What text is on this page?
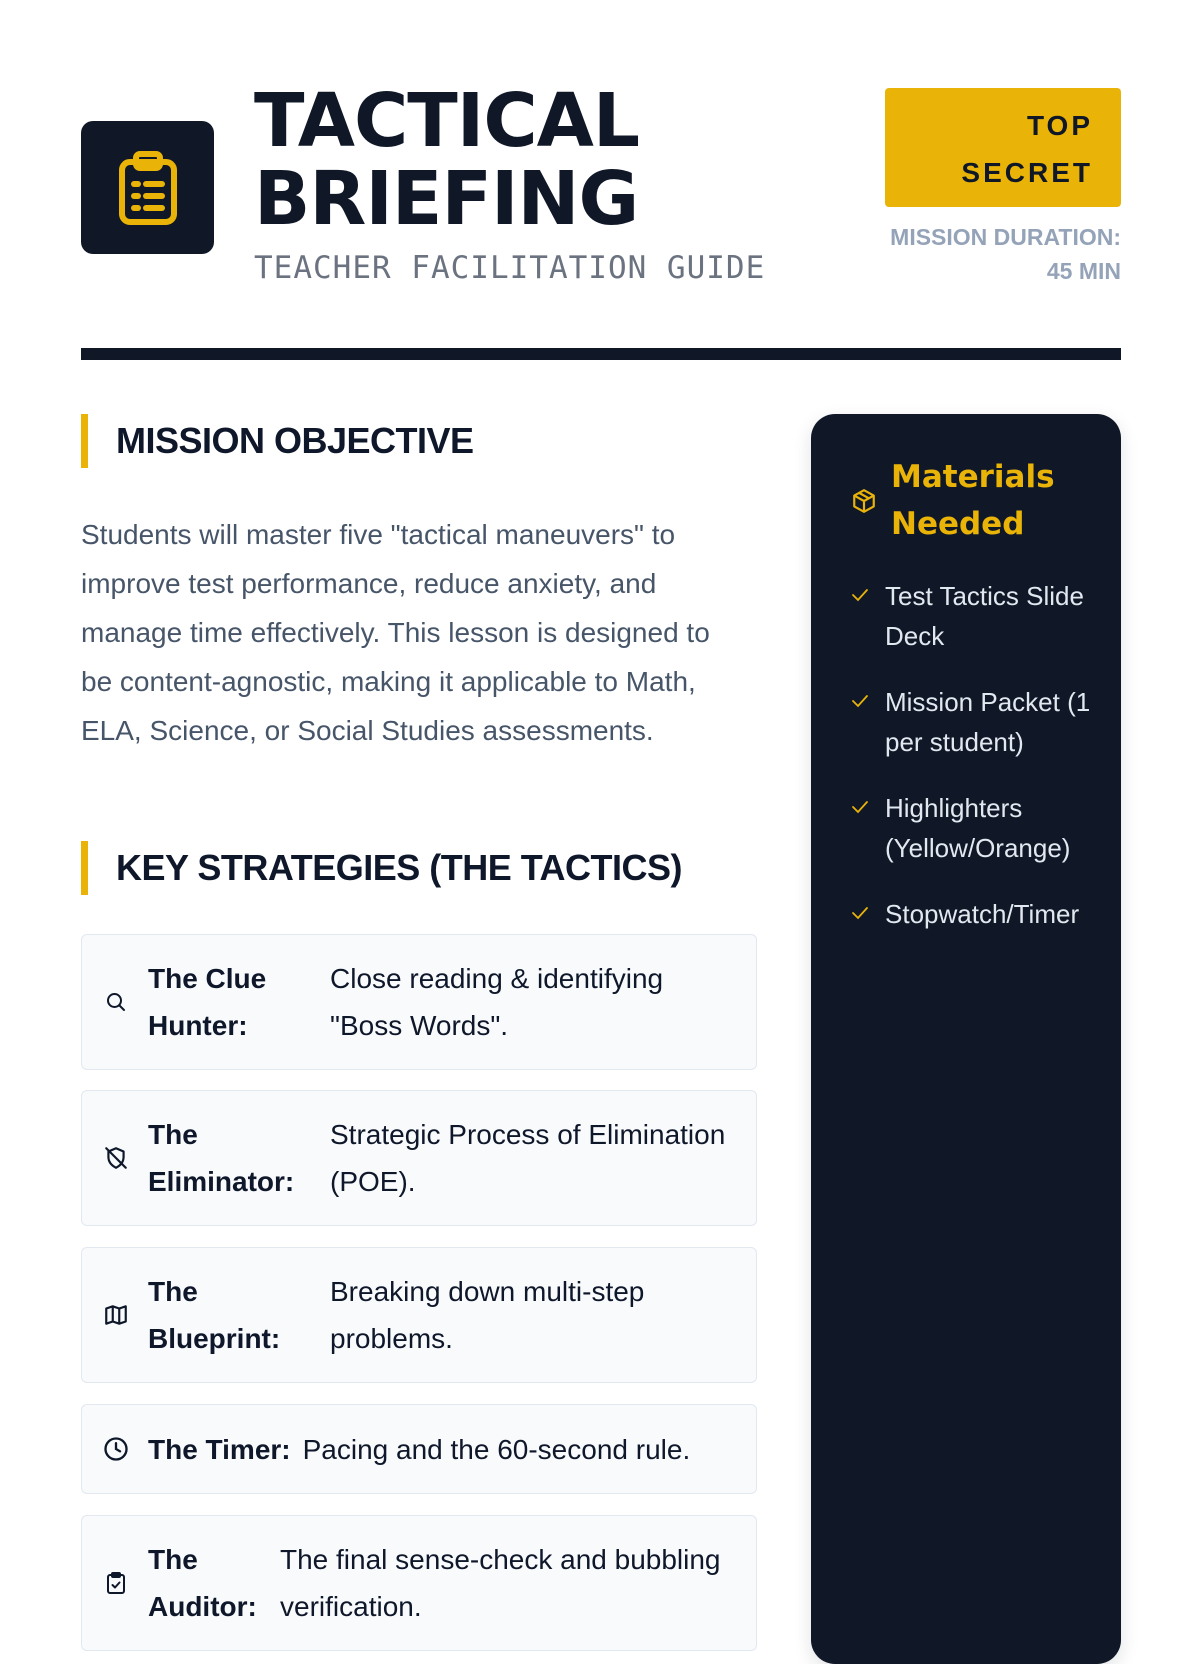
TACTICAL
BRIEFING
TEACHER FACILITATION GUIDE
TOP
SECRET
MISSION DURATION:
45 MIN
MISSION OBJECTIVE

Students will master five "tactical maneuvers" to improve test performance, reduce anxiety, and manage time effectively. This lesson is designed to be content-agnostic, making it applicable to Math, ELA, Science, or Social Studies assessments.

KEY STRATEGIES (THE TACTICS)
The Clue Hunter:
Close reading & identifying "Boss Words".
The Eliminator:
Strategic Process of Elimination (POE).
The Blueprint:
Breaking down multi-step problems.
The Timer: Pacing and the 60-second rule.
The Auditor:
The final sense-check and bubbling verification.
Materials Needed
Test Tactics Slide Deck
Mission Packet (1 per student)
Highlighters (Yellow/Orange)
Stopwatch/Timer
